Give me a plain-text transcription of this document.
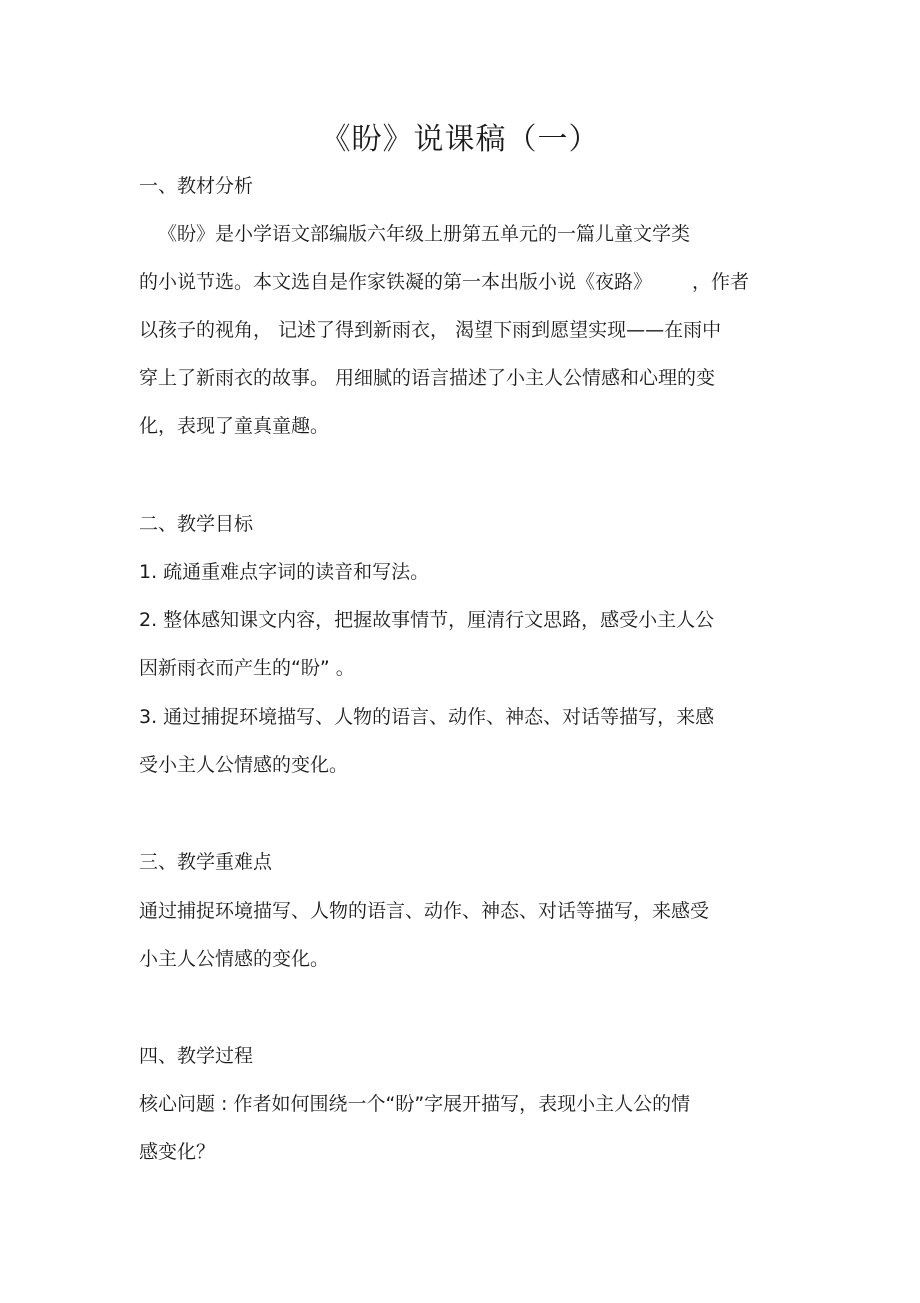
《盼》说课稿（一）
一、教材分析
《盼》是小学语文部编版六年级上册第五单元的一篇儿童文学类
的小说节选。本文选自是作家铁凝的第一本出版小说《夜路》 ，作者
以孩子的视角， 记述了得到新雨衣， 渴望下雨到愿望实现——在雨中
穿上了新雨衣的故事。 用细腻的语言描述了小主人公情感和心理的变
化，表现了童真童趣。
二、教学目标
1. 疏通重难点字词的读音和写法。
2. 整体感知课文内容，把握故事情节，厘清行文思路，感受小主人公
因新雨衣而产生的“盼” 。
3. 通过捕捉环境描写、人物的语言、动作、神态、对话等描写，来感
受小主人公情感的变化。
三、教学重难点
通过捕捉环境描写、人物的语言、动作、神态、对话等描写，来感受
小主人公情感的变化。
四、教学过程
核心问题 : 作者如何围绕一个“盼”字展开描写，表现小主人公的情
感变化？
